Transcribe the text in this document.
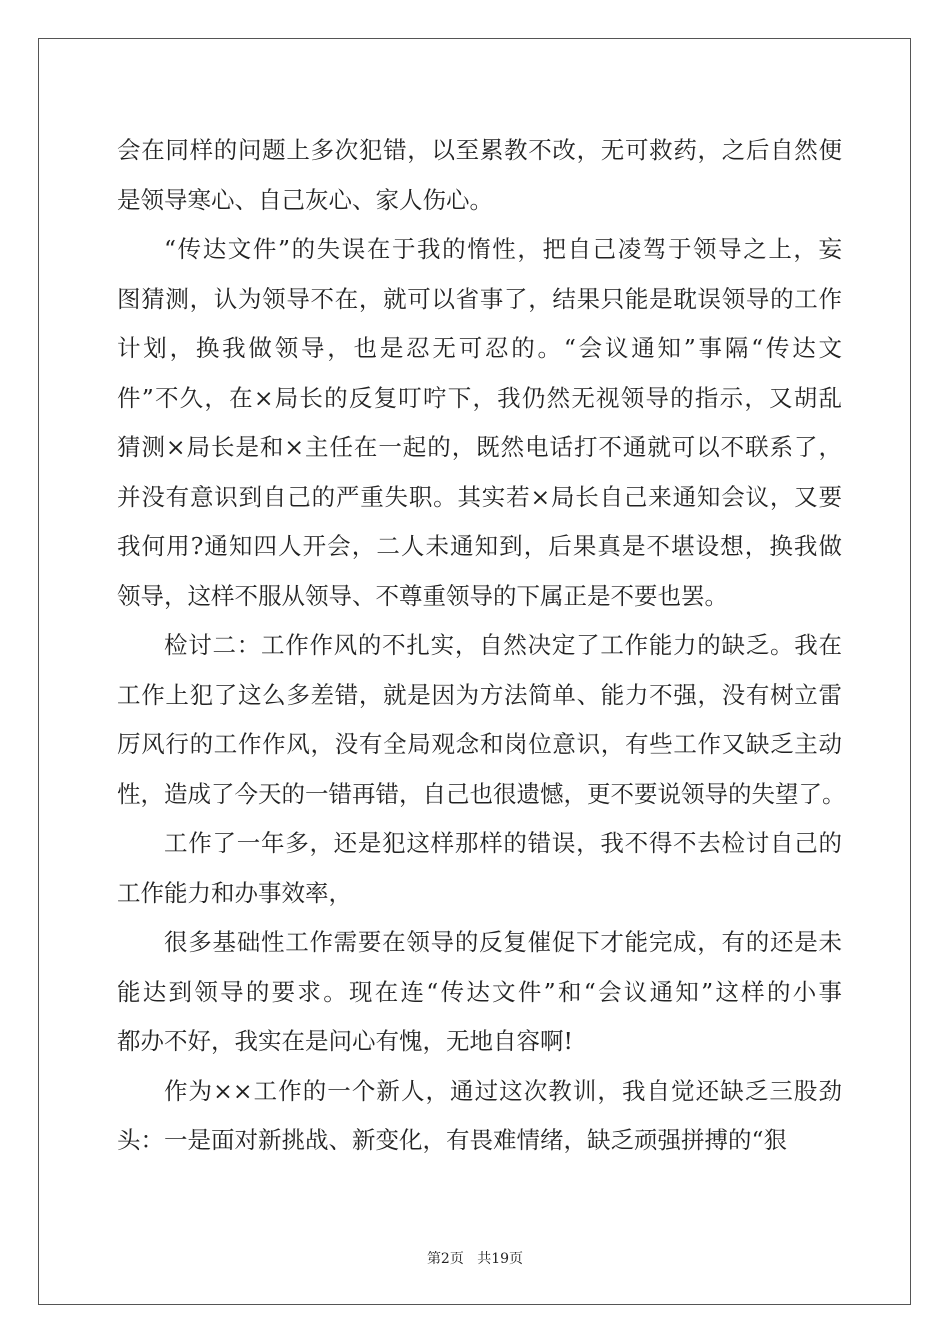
会在同样的问题上多次犯错，以至累教不改，无可救药，之后自然便
是领导寒心、自己灰心、家人伤心。
“传达文件”的失误在于我的惰性，把自己凌驾于领导之上，妄
图猜测，认为领导不在，就可以省事了，结果只能是耽误领导的工作
计划，换我做领导，也是忍无可忍的。“会议通知”事隔“传达文
件”不久，在×局长的反复叮咛下，我仍然无视领导的指示，又胡乱
猜测×局长是和×主任在一起的，既然电话打不通就可以不联系了，
并没有意识到自己的严重失职。其实若×局长自己来通知会议，又要
我何用?通知四人开会，二人未通知到，后果真是不堪设想，换我做
领导，这样不服从领导、不尊重领导的下属正是不要也罢。
检讨二：工作作风的不扎实，自然决定了工作能力的缺乏。我在
工作上犯了这么多差错，就是因为方法简单、能力不强，没有树立雷
厉风行的工作作风，没有全局观念和岗位意识，有些工作又缺乏主动
性，造成了今天的一错再错，自己也很遗憾，更不要说领导的失望了。
工作了一年多，还是犯这样那样的错误，我不得不去检讨自己的
工作能力和办事效率，
很多基础性工作需要在领导的反复催促下才能完成，有的还是未
能达到领导的要求。现在连“传达文件”和“会议通知”这样的小事
都办不好，我实在是问心有愧，无地自容啊!
作为××工作的一个新人，通过这次教训，我自觉还缺乏三股劲
头：一是面对新挑战、新变化，有畏难情绪，缺乏顽强拼搏的“狠
第2页 共19页
